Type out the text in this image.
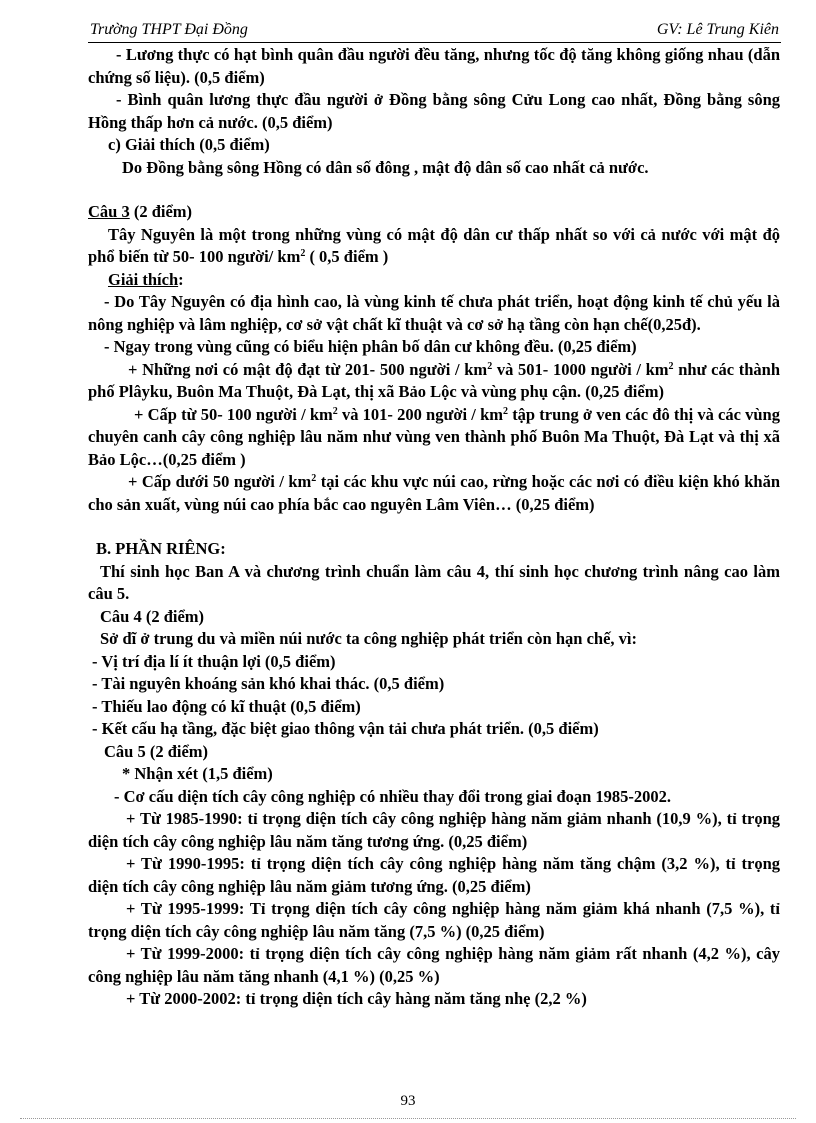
Trường THPT Đại Đồng	GV: Lê Trung Kiên

- Lương thực có hạt bình quân đầu người đều tăng, nhưng tốc độ tăng không giống nhau (dẫn chứng số liệu). (0,5 điểm)

- Bình quân lương thực đầu người ở Đồng bằng sông Cửu Long cao nhất, Đồng bằng sông Hồng thấp hơn cả nước. (0,5 điểm)

c) Giải thích (0,5 điểm)

Do Đồng bằng sông Hồng có dân số đông , mật độ dân số cao nhất cả nước.

Câu 3 (2 điểm)

Tây Nguyên là một trong những vùng có mật độ dân cư thấp nhất so với cả nước với mật độ phổ biến từ 50- 100 người/ $km^2$ ( 0,5 điểm )

Giải thích:

- Do Tây Nguyên có địa hình cao, là vùng kinh tế chưa phát triển, hoạt động kinh tế chủ yếu là nông nghiệp và lâm nghiệp, cơ sở vật chất kĩ thuật và cơ sở hạ tầng còn hạn chế(0,25đ).

- Ngay trong vùng cũng có biểu hiện phân bố dân cư không đều. (0,25 điểm)

+ Những nơi có mật độ đạt từ 201- 500 người / $km^2$ và 501- 1000 người / $km^2$ như các thành phố Plâyku, Buôn Ma Thuột, Đà Lạt, thị xã Bảo Lộc và vùng phụ cận. (0,25 điểm)

+ Cấp từ 50- 100 người / $km^2$ và 101- 200 người / $km^2$ tập trung ở ven các đô thị và các vùng chuyên canh cây công nghiệp lâu năm như vùng ven thành phố Buôn Ma Thuột, Đà Lạt và thị xã Bảo Lộc…(0,25 điểm )

+ Cấp dưới 50 người / $km^2$ tại các khu vực núi cao, rừng hoặc các nơi có điều kiện khó khăn cho sản xuất, vùng núi cao phía bắc cao nguyên Lâm Viên… (0,25 điểm)

B. PHẦN RIÊNG:

Thí sinh học Ban A và chương trình chuẩn làm câu 4, thí sinh học chương trình nâng cao làm câu 5.

Câu 4 (2 điểm)

Sở dĩ ở trung du và miền núi nước ta công nghiệp phát triển còn hạn chế, vì:

- Vị trí địa lí ít thuận lợi (0,5 điểm)

- Tài nguyên khoáng sản khó khai thác. (0,5 điểm)

- Thiếu lao động có kĩ thuật (0,5 điểm)

- Kết cấu hạ tầng, đặc biệt giao thông vận tải chưa phát triển. (0,5 điểm)

Câu 5 (2 điểm)

* Nhận xét (1,5 điểm)

- Cơ cấu diện tích cây công nghiệp có nhiều thay đổi trong giai đoạn 1985-2002.

+ Từ 1985-1990: tỉ trọng diện tích cây công nghiệp hàng năm giảm nhanh (10,9 %), tỉ trọng diện tích cây công nghiệp lâu năm tăng tương ứng. (0,25 điểm)

+ Từ 1990-1995: tỉ trọng diện tích cây công nghiệp hàng năm tăng chậm (3,2 %), tỉ trọng diện tích cây công nghiệp lâu năm giảm tương ứng. (0,25 điểm)

+ Từ 1995-1999: Tỉ trọng diện tích cây công nghiệp hàng năm giảm khá nhanh (7,5 %), tỉ trọng diện tích cây công nghiệp lâu năm tăng (7,5 %) (0,25 điểm)

+ Từ 1999-2000: tỉ trọng diện tích cây công nghiệp hàng năm giảm rất nhanh (4,2 %), cây công nghiệp lâu năm tăng nhanh (4,1 %) (0,25 %)

+ Từ 2000-2002: tỉ trọng diện tích cây hàng năm tăng nhẹ (2,2 %)

93
